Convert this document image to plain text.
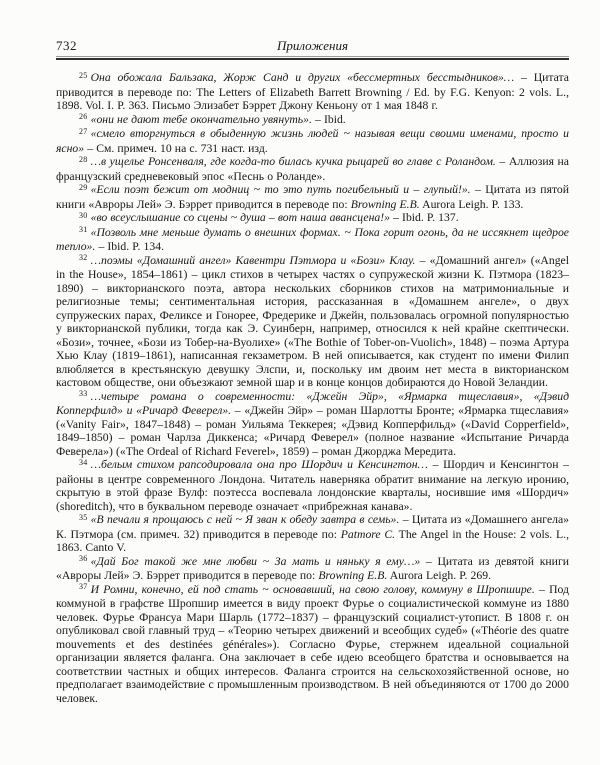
732	Приложения

$^{25}$ Она обожала Бальзака, Жорж Санд и других «бессмертных бесстыдников»… – Цитата приводится в переводе по: The Letters of Elizabeth Barrett Browning / Ed. by F.G. Kenyon: 2 vols. L., 1898. Vol. I. P. 363. Письмо Элизабет Бэррет Джону Кеньону от 1 мая 1848 г.

$^{26}$ «они не дают тебе окончательно увянуть». – Ibid.

$^{27}$ «смело вторгнуться в обыденную жизнь людей ~ называя вещи своими именами, просто и ясно» – См. примеч. 10 на с. 731 наст. изд.

$^{28}$ …в ущелье Ронсенваля, где когда-то билась кучка рыцарей во главе с Роландом. – Аллюзия на французский средневековый эпос «Песнь о Роланде».

$^{29}$ «Если поэт бежит от модниц ~ то это путь погибельный и – глупый!». – Цитата из пятой книги «Авроры Лей» Э. Бэррет приводится в переводе по: Browning E.B. Aurora Leigh. P. 133.

$^{30}$ «во всеуслышание со сцены ~ душа – вот наша авансцена!» – Ibid. P. 137.

$^{31}$ «Позволь мне меньше думать о внешних формах. ~ Пока горит огонь, да не иссякнет щедрое тепло». – Ibid. P. 134.

$^{32}$ …поэмы «Домашний ангел» Кавентри Пэтмора и «Бози» Клау. – «Домашний ангел» («Angel in the House», 1854–1861) – цикл стихов в четырех частях о супружеской жизни К. Пэтмора (1823–1890) – викторианского поэта, автора нескольких сборников стихов на матримониальные и религиозные темы; сентиментальная история, рассказанная в «Домашнем ангеле», о двух супружеских парах, Феликсе и Гонорее, Фредерике и Джейн, пользовалась огромной популярностью у викторианской публики, тогда как Э. Суинберн, например, относился к ней крайне скептически. «Бози», точнее, «Бози из Тобер-на-Вуолихе» («The Bothie of Tober-on-Vuolich», 1848) – поэма Артура Хью Клау (1819–1861), написанная гекзаметром. В ней описывается, как студент по имени Филип влюбляется в крестьянскую девушку Элспи, и, поскольку им двоим нет места в викторианском кастовом обществе, они объезжают земной шар и в конце концов добираются до Новой Зеландии.

$^{33}$ …четыре романа о современности: «Джейн Эйр», «Ярмарка тщеславия», «Дэвид Копперфилд» и «Ричард Феверел». – «Джейн Эйр» – роман Шарлотты Бронте; «Ярмарка тщеславия» («Vanity Fair», 1847–1848) – роман Уильяма Теккерея; «Дэвид Копперфильд» («David Copperfield», 1849–1850) – роман Чарлза Диккенса; «Ричард Феверел» (полное название «Испытание Ричарда Феверела») («The Ordeal of Richard Feverel», 1859) – роман Джорджа Мередита.

$^{34}$ …белым стихом рапсодировала она про Шордич и Кенсингтон… – Шордич и Кенсингтон – районы в центре современного Лондона. Читатель наверняка обратит внимание на легкую иронию, скрытую в этой фразе Вулф: поэтесса воспевала лондонские кварталы, носившие имя «Шордич» (shoreditch), что в буквальном переводе означает «прибрежная канава».

$^{35}$ «В печали я прощаюсь с ней ~ Я зван к обеду завтра в семь». – Цитата из «Домашнего ангела» К. Пэтмора (см. примеч. 32) приводится в переводе по: Patmore C. The Angel in the House: 2 vols. L., 1863. Canto V.

$^{36}$ «Дай Бог такой же мне любви ~ За мать и няньку я ему…» – Цитата из девятой книги «Авроры Лей» Э. Бэррет приводится в переводе по: Browning E.B. Aurora Leigh. P. 269.

$^{37}$ И Ромни, конечно, ей под стать ~ основавший, на свою голову, коммуну в Шропшире. – Под коммуной в графстве Шропшир имеется в виду проект Фурье о социалистической коммуне из 1880 человек. Фурье Франсуа Мари Шарль (1772–1837) – французский социалист-утопист. В 1808 г. он опубликовал свой главный труд – «Теорию четырех движений и всеобщих судеб» («Théorie des quatre mouvements et des destinées générales»). Согласно Фурье, стержнем идеальной социальной организации является фаланга. Она заключает в себе идею всеобщего братства и основывается на соответствии частных и общих интересов. Фаланга строится на сельскохозяйственной основе, но предполагает взаимодействие с промышленным производством. В ней объединяются от 1700 до 2000 человек.
